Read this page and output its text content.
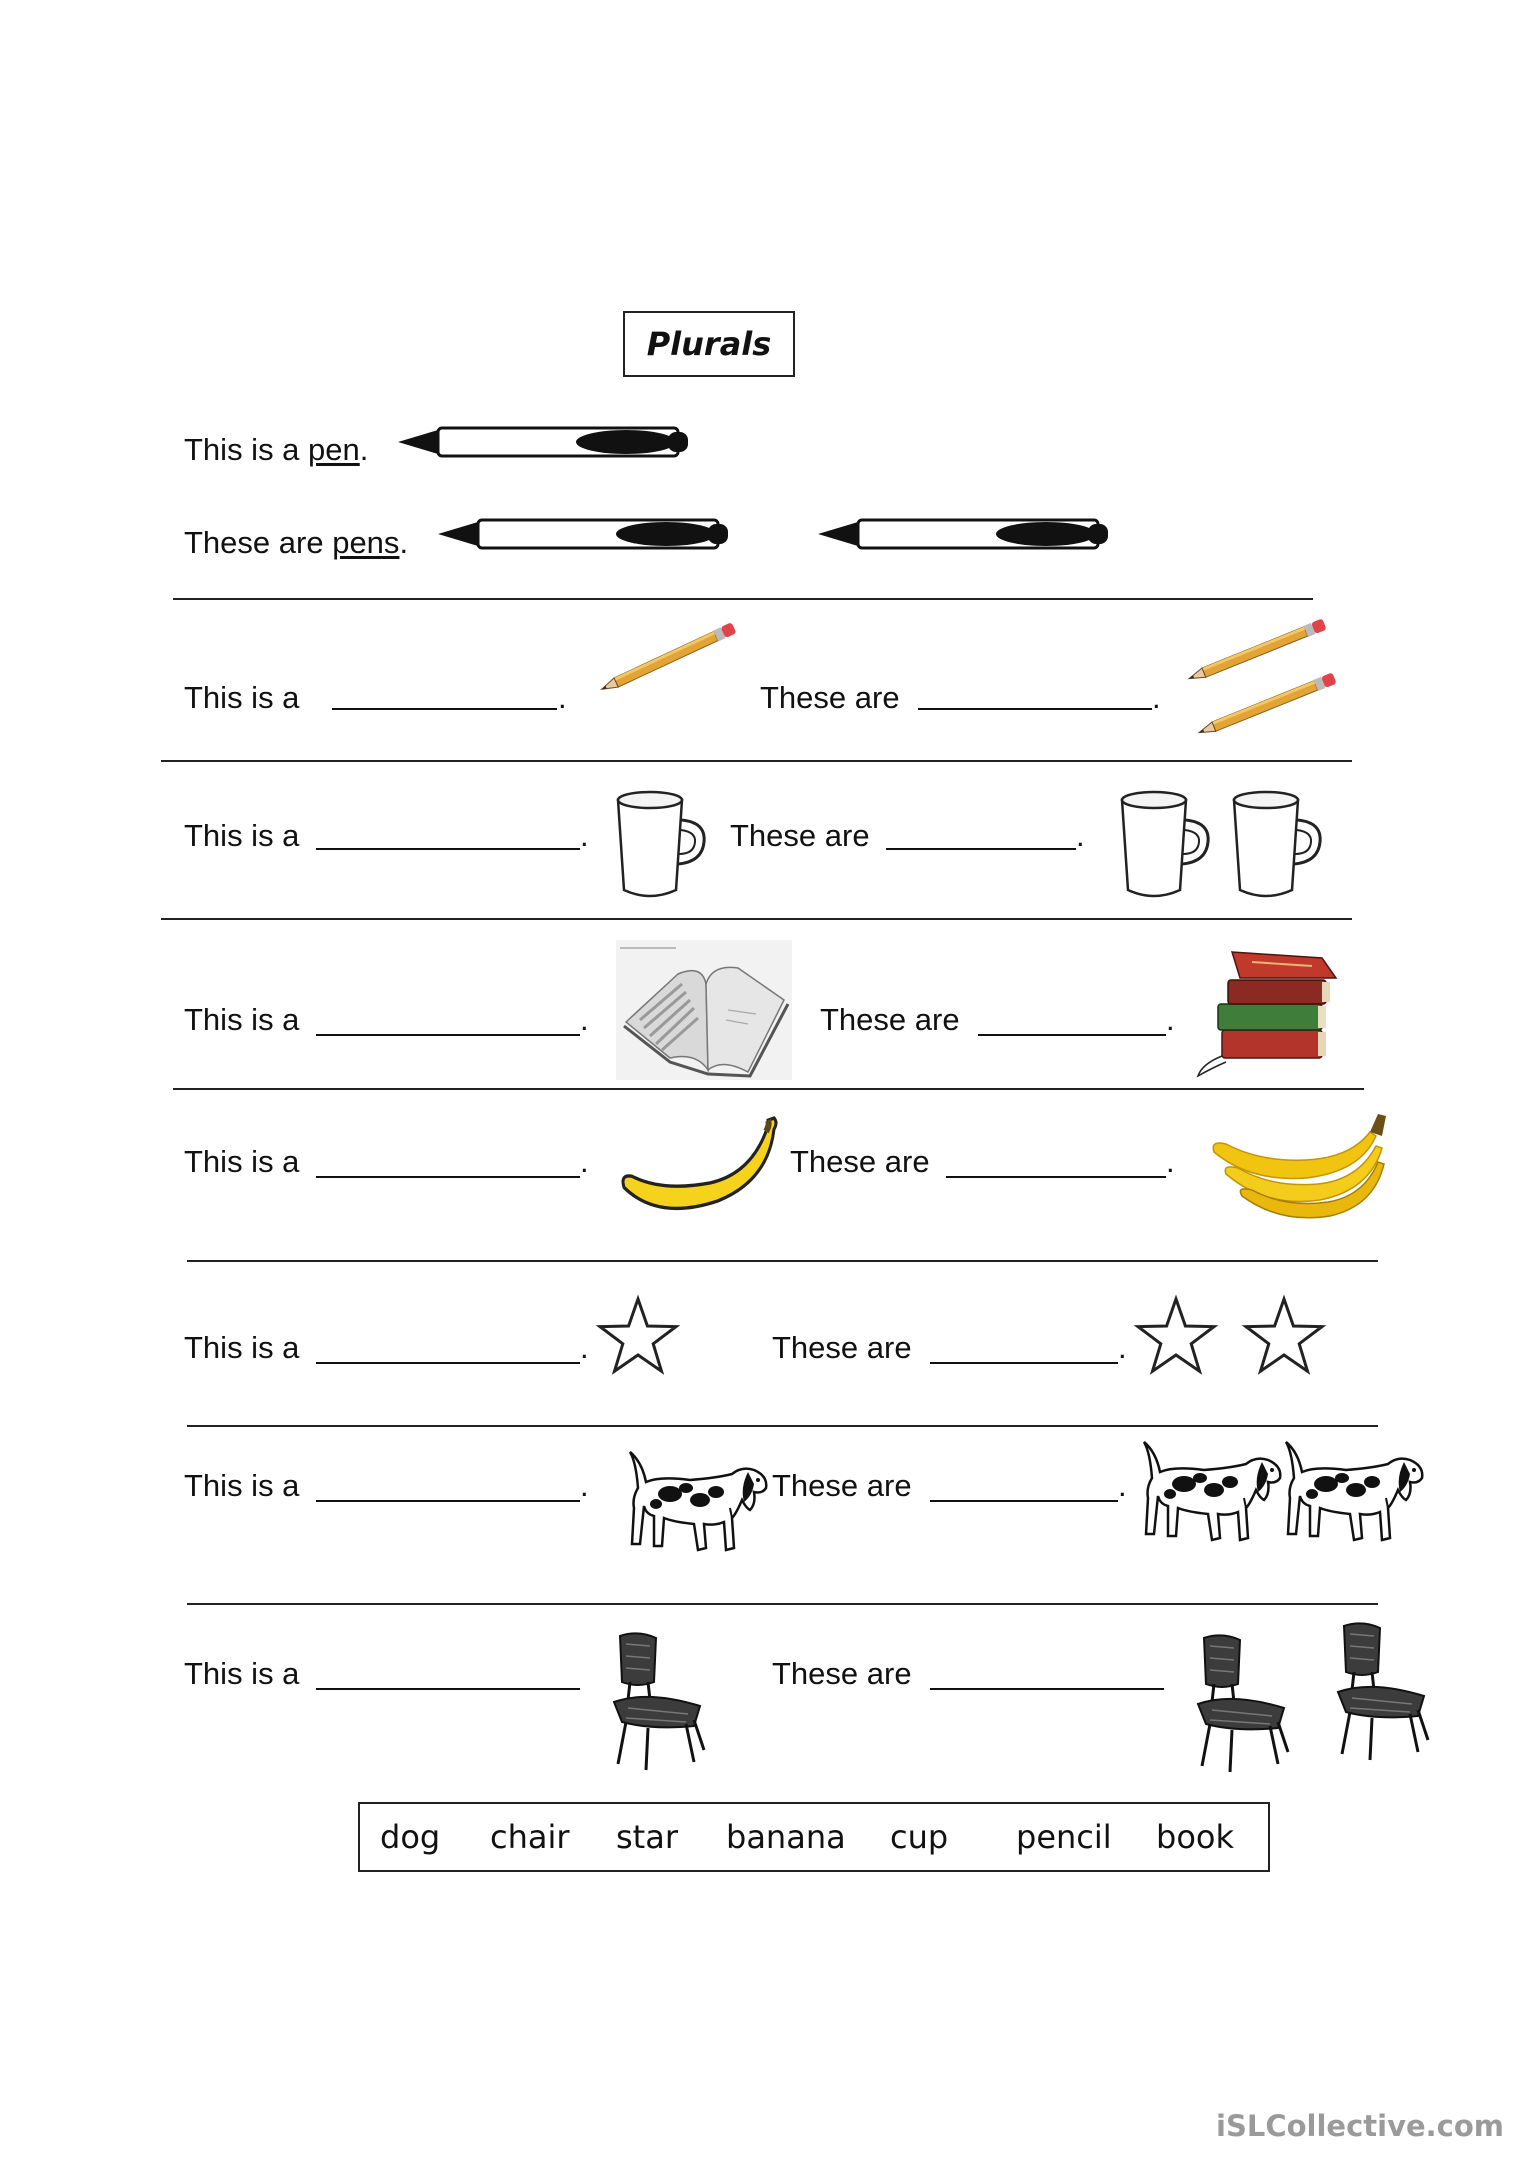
Plurals
This is a pen.
These are pens.
This is a	.	These are	.
This is a	.	These are	.
This is a	.	These are	.
This is a	.	These are	.
This is a	.	These are	.
This is a	.	These are	.
This is a	These are
dog chair star banana cup pencil book
iSLCollective.com
